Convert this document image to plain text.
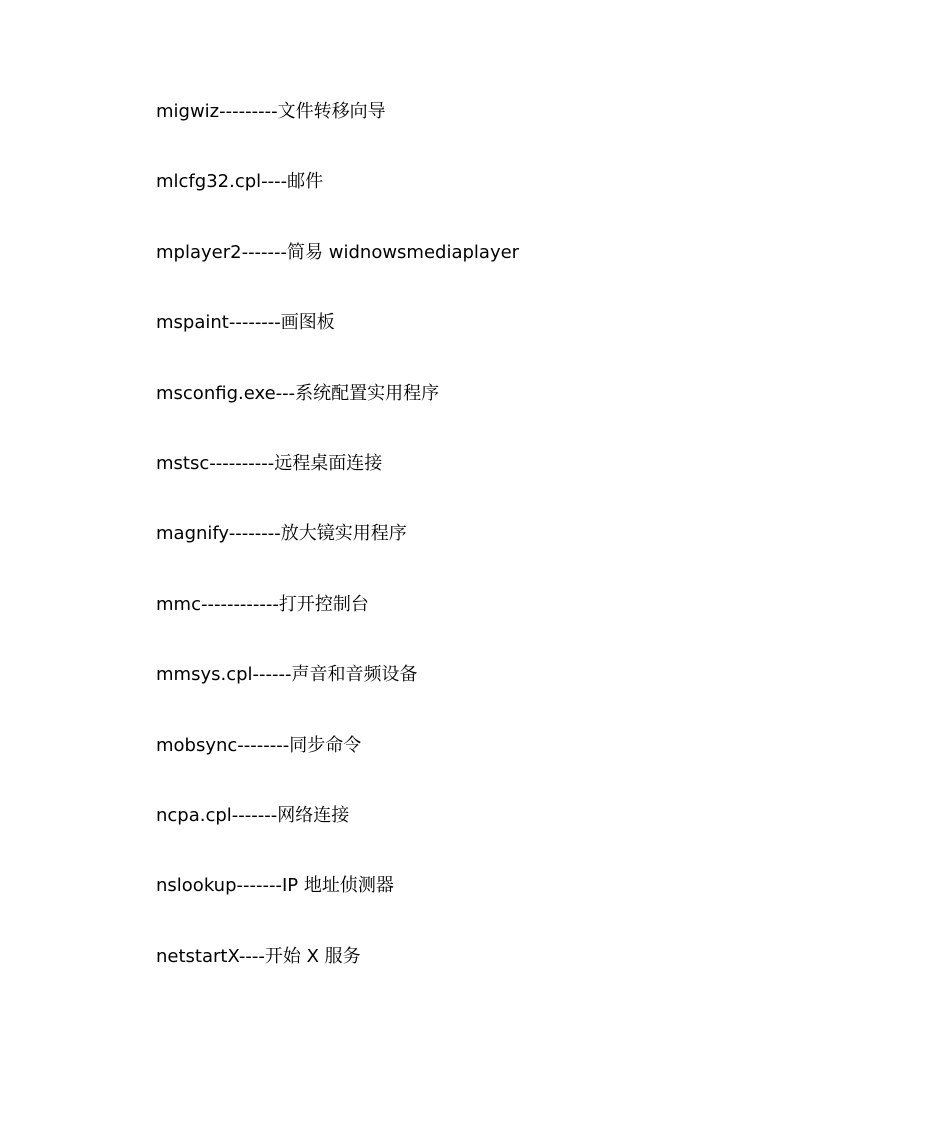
migwiz---------文件转移向导
mlcfg32.cpl----邮件
mplayer2-------简易 widnowsmediaplayer
mspaint--------画图板
msconfig.exe---系统配置实用程序
mstsc----------远程桌面连接
magnify--------放大镜实用程序
mmc------------打开控制台
mmsys.cpl------声音和音频设备
mobsync--------同步命令
ncpa.cpl-------网络连接
nslookup-------IP 地址侦测器
netstartX----开始 X 服务
